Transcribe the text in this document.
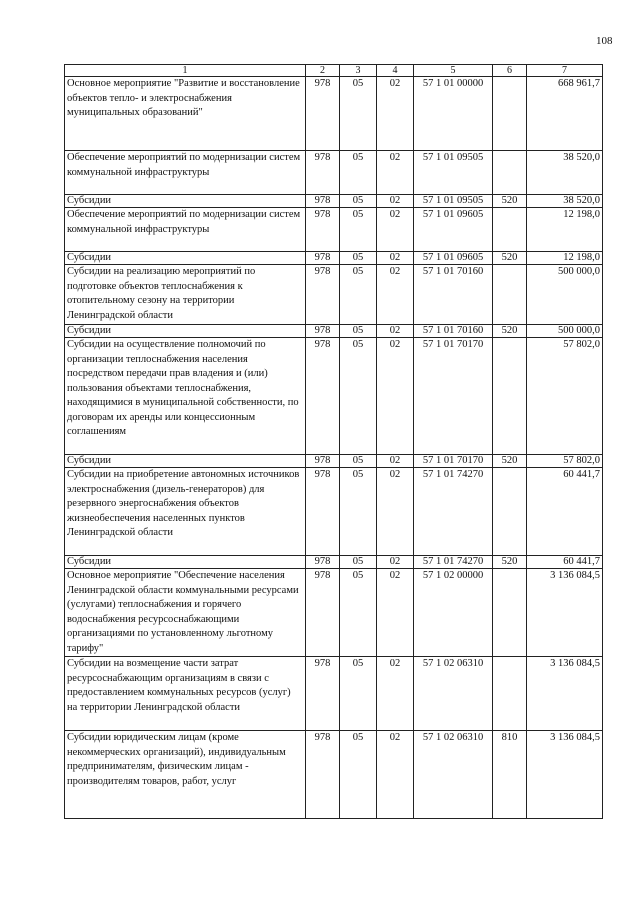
108
1	2	3	4	5	6	7
Основное мероприятие "Развитие и восстановление объектов тепло- и электроснабжения муниципальных образований"	978	05	02	57 1 01 00000		668 961,7
Обеспечение мероприятий по модернизации систем коммунальной инфраструктуры	978	05	02	57 1 01 09505		38 520,0
Субсидии	978	05	02	57 1 01 09505	520	38 520,0
Обеспечение мероприятий по модернизации систем коммунальной инфраструктуры	978	05	02	57 1 01 09605		12 198,0
Субсидии	978	05	02	57 1 01 09605	520	12 198,0
Субсидии на реализацию мероприятий по подготовке объектов теплоснабжения к отопительному сезону на территории Ленинградской области	978	05	02	57 1 01 70160		500 000,0
Субсидии	978	05	02	57 1 01 70160	520	500 000,0
Субсидии на осуществление полномочий по организации теплоснабжения населения посредством передачи прав владения и (или) пользования объектами теплоснабжения, находящимися в муниципальной собственности, по договорам их аренды или концессионным соглашениям	978	05	02	57 1 01 70170		57 802,0
Субсидии	978	05	02	57 1 01 70170	520	57 802,0
Субсидии на приобретение автономных источников электроснабжения (дизель-генераторов) для резервного энергоснабжения объектов жизнеобеспечения населенных пунктов Ленинградской области	978	05	02	57 1 01 74270		60 441,7
Субсидии	978	05	02	57 1 01 74270	520	60 441,7
Основное мероприятие "Обеспечение населения Ленинградской области коммунальными ресурсами (услугами) теплоснабжения и горячего водоснабжения ресурсоснабжающими организациями по установленному льготному тарифу"	978	05	02	57 1 02 00000		3 136 084,5
Субсидии на возмещение части затрат ресурсоснабжающим организациям в связи с предоставлением коммунальных ресурсов (услуг) на территории Ленинградской области	978	05	02	57 1 02 06310		3 136 084,5
Субсидии юридическим лицам (кроме некоммерческих организаций), индивидуальным предпринимателям, физическим лицам - производителям товаров, работ, услуг	978	05	02	57 1 02 06310	810	3 136 084,5
